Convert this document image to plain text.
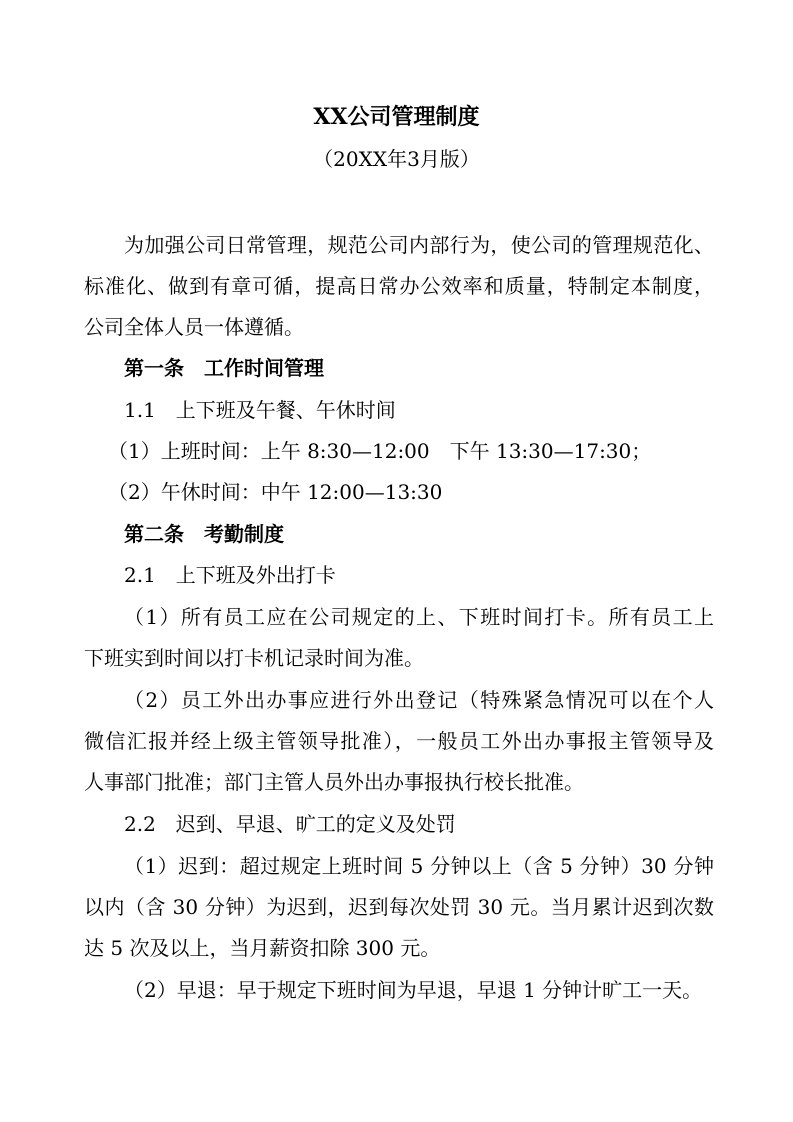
XX公司管理制度
（20XX年3月版）
为加强公司日常管理，规范公司内部行为，使公司的管理规范化、
标准化、做到有章可循，提高日常办公效率和质量，特制定本制度，
公司全体人员一体遵循。
第一条　工作时间管理
1.1　上下班及午餐、午休时间
（1）上班时间：上午 8:30—12:00　下午 13:30—17:30；
（2）午休时间：中午 12:00—13:30
第二条　考勤制度
2.1　上下班及外出打卡
（1）所有员工应在公司规定的上、下班时间打卡。所有员工上
下班实到时间以打卡机记录时间为准。
（2）员工外出办事应进行外出登记（特殊紧急情况可以在个人
微信汇报并经上级主管领导批准），一般员工外出办事报主管领导及
人事部门批准；部门主管人员外出办事报执行校长批准。
2.2　迟到、早退、旷工的定义及处罚
（1）迟到：超过规定上班时间 5 分钟以上（含 5 分钟）30 分钟
以内（含 30 分钟）为迟到，迟到每次处罚 30 元。当月累计迟到次数
达 5 次及以上，当月薪资扣除 300 元。
（2）早退：早于规定下班时间为早退，早退 1 分钟计旷工一天。
